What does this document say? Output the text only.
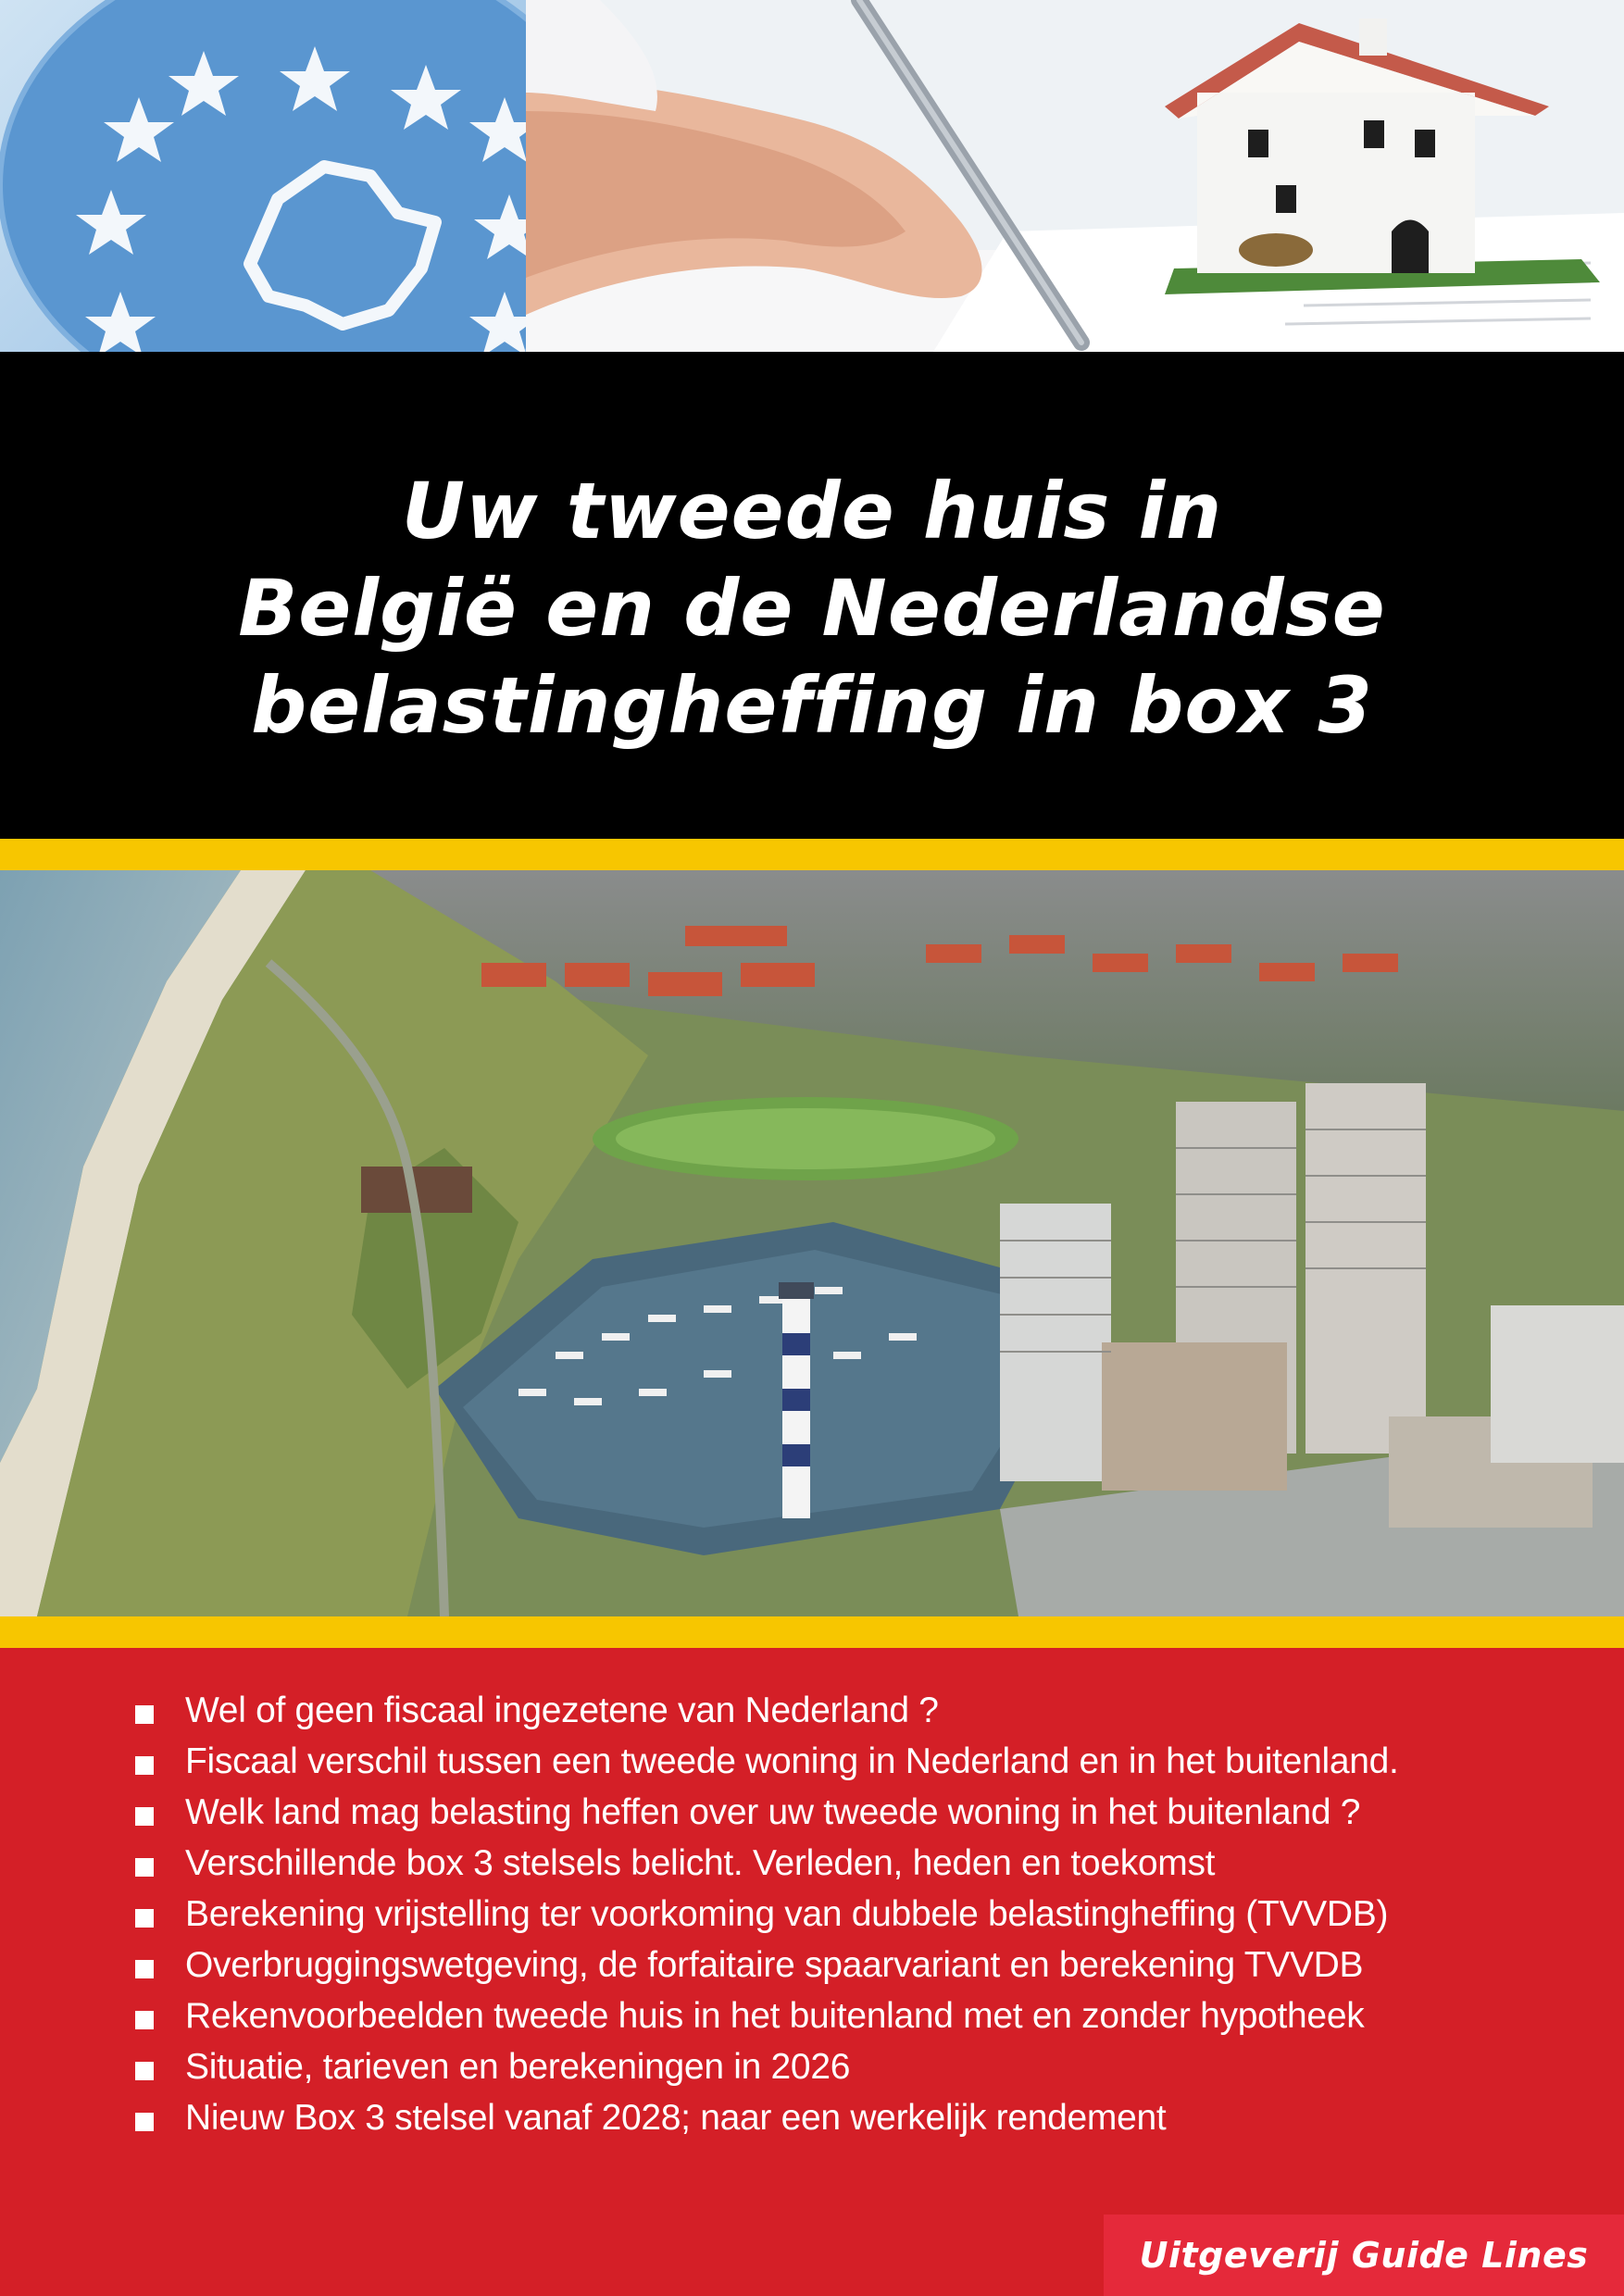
Uw tweede huis in
België en de Nederlandse
belastingheffing in box 3
Wel of geen fiscaal ingezetene van Nederland ?
Fiscaal verschil tussen een tweede woning in Nederland en in het buitenland.
Welk land mag belasting heffen over uw tweede woning in het buitenland ?
Verschillende box 3 stelsels belicht. Verleden, heden en toekomst
Berekening vrijstelling ter voorkoming van dubbele belastingheffing (TVVDB)
Overbruggingswetgeving, de forfaitaire spaarvariant en berekening TVVDB
Rekenvoorbeelden tweede huis in het buitenland met en zonder hypotheek
Situatie, tarieven en berekeningen in 2026
Nieuw Box 3 stelsel vanaf 2028; naar een werkelijk rendement
Uitgeverij Guide Lines
